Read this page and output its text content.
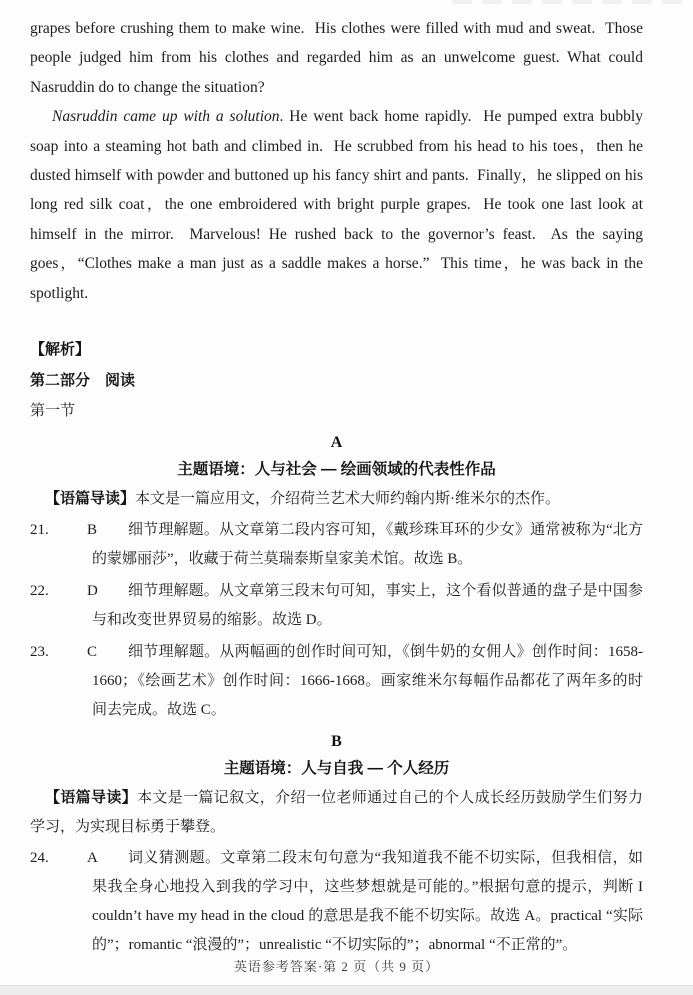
grapes before crushing them to make wine.  His clothes were filled with mud and sweat.  Those people judged him from his clothes and regarded him as an unwelcome guest. What could Nasruddin do to change the situation?

Nasruddin came up with a solution. He went back home rapidly.  He pumped extra bubbly soap into a steaming hot bath and climbed in.  He scrubbed from his head to his toes，then he dusted himself with powder and buttoned up his fancy shirt and pants.  Finally，he slipped on his long red silk coat，the one embroidered with bright purple grapes.  He took one last look at himself in the mirror.  Marvelous! He rushed back to the governor’s feast.  As the saying goes，“Clothes make a man just as a saddle makes a horse.”  This time，he was back in the spotlight.

【解析】
第二部分　阅读
第一节
A
主题语境：人与社会 — 绘画领域的代表性作品

【语篇导读】本文是一篇应用文，介绍荷兰艺术大师约翰内斯·维米尔的杰作。

21.	B 细节理解题。从文章第二段内容可知，《戴珍珠耳环的少女》通常被称为“北方的蒙娜丽莎”，收藏于荷兰莫瑞泰斯皇家美术馆。故选 B。
22.	D 细节理解题。从文章第三段末句可知，事实上，这个看似普通的盘子是中国参与和改变世界贸易的缩影。故选 D。
23.	C 细节理解题。从两幅画的创作时间可知，《倒牛奶的女佣人》创作时间：1658-1660；《绘画艺术》创作时间：1666-1668。画家维米尔每幅作品都花了两年多的时间去完成。故选 C。
B
主题语境：人与自我 — 个人经历

【语篇导读】本文是一篇记叙文，介绍一位老师通过自己的个人成长经历鼓励学生们努力学习，为实现目标勇于攀登。

24.	A 词义猜测题。文章第二段末句句意为“我知道我不能不切实际，但我相信，如果我全身心地投入到我的学习中，这些梦想就是可能的。”根据句意的提示，判断 I couldn’t have my head in the cloud 的意思是我不能不切实际。故选 A。practical “实际的”；romantic “浪漫的”；unrealistic “不切实际的”；abnormal “不正常的”。
英语参考答案·第 2 页（共 9 页）
